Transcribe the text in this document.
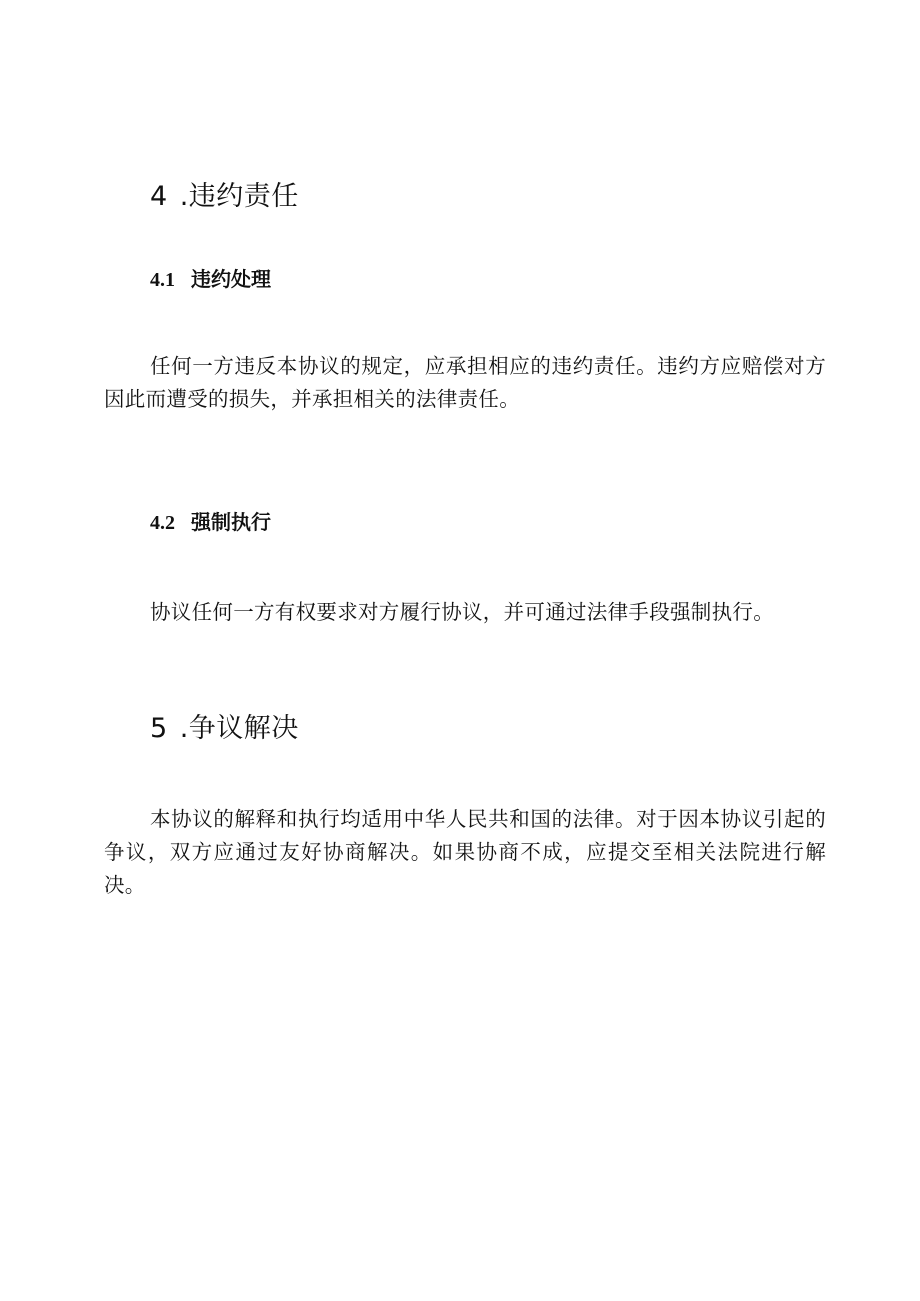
4 .违约责任
4.1 违约处理
任何一方违反本协议的规定，应承担相应的违约责任。违约方应赔偿对方因此而遭受的损失，并承担相关的法律责任。
4.2 强制执行
协议任何一方有权要求对方履行协议，并可通过法律手段强制执行。
5 .争议解决
本协议的解释和执行均适用中华人民共和国的法律。对于因本协议引起的争议，双方应通过友好协商解决。如果协商不成，应提交至相关法院进行解决。
